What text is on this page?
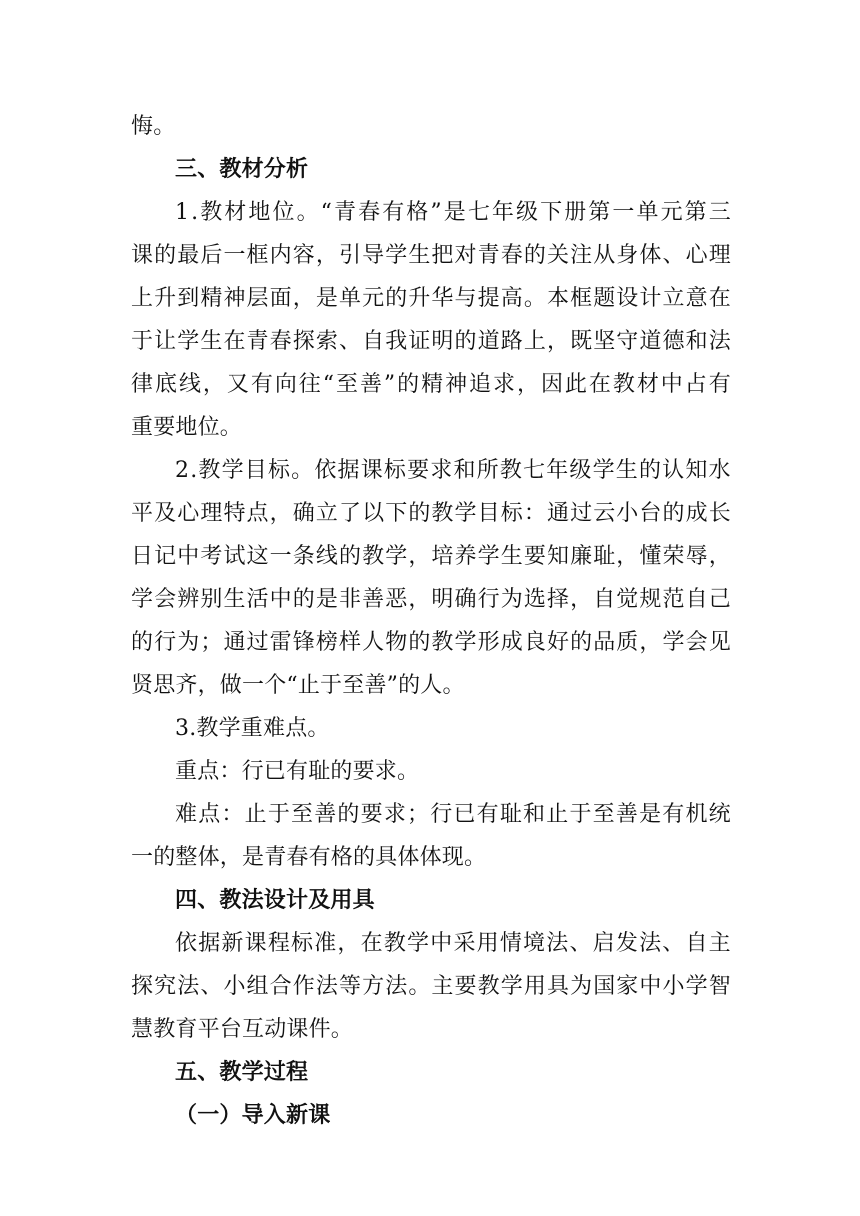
悔。
三、教材分析
1 . 教 材 地 位 。 “ 青 春 有 格 ” 是 七 年 级 下 册 第 一 单 元 第 三
课 的 最 后 一 框 内 容 ， 引 导 学 生 把 对 青 春 的 关 注 从 身 体 、 心 理
上 升 到 精 神 层 面 ， 是 单 元 的 升 华 与 提 高 。 本 框 题 设 计 立 意 在
于 让 学 生 在 青 春 探 索 、 自 我 证 明 的 道 路 上 ， 既 坚 守 道 德 和 法
律 底 线 ， 又 有 向 往 “ 至 善 ” 的 精 神 追 求 ， 因 此 在 教 材 中 占 有
重要地位。
2 . 教 学 目 标 。 依 据 课 标 要 求 和 所 教 七 年 级 学 生 的 认 知 水
平 及 心 理 特 点 ， 确 立 了 以 下 的 教 学 目 标 ： 通 过 云 小 台 的 成 长
日 记 中 考 试 这 一 条 线 的 教 学 ， 培 养 学 生 要 知 廉 耻 ， 懂 荣 辱 ，
学 会 辨 别 生 活 中 的 是 非 善 恶 ， 明 确 行 为 选 择 ， 自 觉 规 范 自 己
的 行 为 ； 通 过 雷 锋 榜 样 人 物 的 教 学 形 成 良 好 的 品 质 ， 学 会 见
贤思齐，做一个“止于至善”的人。
3.教学重难点。
重点：行已有耻的要求。
难 点 ： 止 于 至 善 的 要 求 ； 行 已 有 耻 和 止 于 至 善 是 有 机 统
一的整体，是青春有格的具体体现。
四、教法设计及用具
依 据 新 课 程 标 准 ， 在 教 学 中 采 用 情 境 法 、 启 发 法 、 自 主
探 究 法 、 小 组 合 作 法 等 方 法 。 主 要 教 学 用 具 为 国 家 中 小 学 智
慧教育平台互动课件。
五、教学过程
（一）导入新课
